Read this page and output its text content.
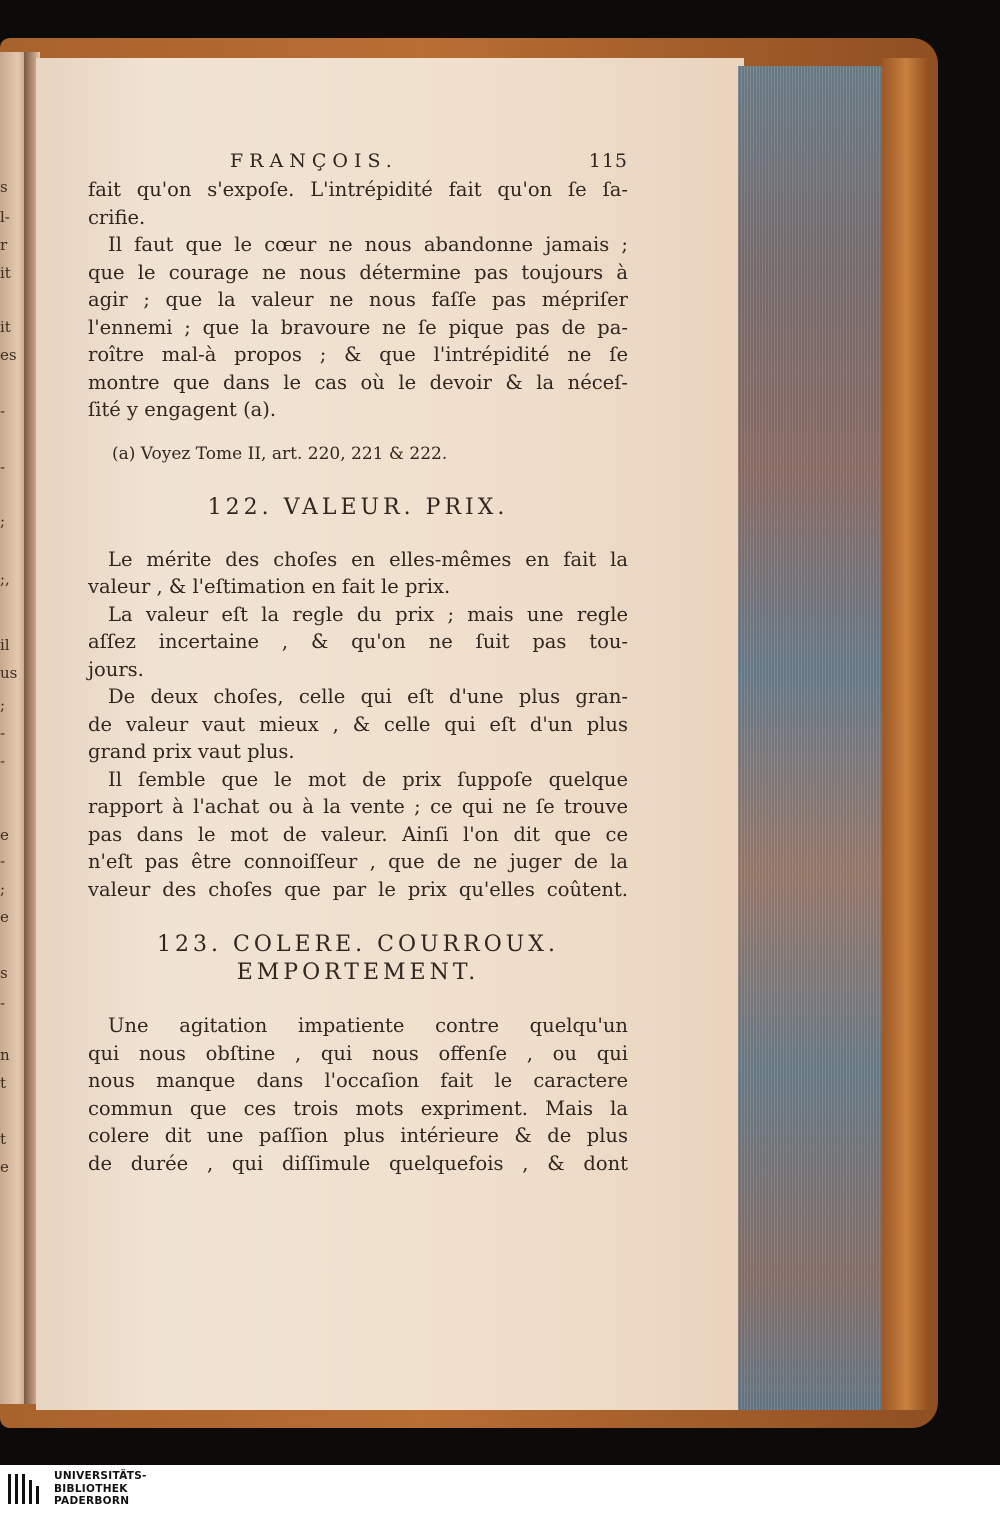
s
l-
r
it
it
es
-
-
;
;,
il
us
;
-
-
e
-
;
e
s
-
n
t
t
e
FRANÇOIS.	115
fait qu'on s'expoſe. L'intrépidité fait qu'on ſe ſa-
crifie.
Il faut que le cœur ne nous abandonne jamais ;
que le courage ne nous détermine pas toujours à
agir ; que la valeur ne nous faſſe pas mépriſer
l'ennemi ; que la bravoure ne ſe pique pas de pa-
roître mal-à propos ; & que l'intrépidité ne ſe
montre que dans le cas où le devoir & la néceſ-
ſité y engagent (a).
(a) Voyez Tome II, art. 220, 221 & 222.
122. VALEUR. PRIX.
Le mérite des choſes en elles-mêmes en fait la
valeur , & l'eſtimation en fait le prix.
La valeur eſt la regle du prix ; mais une regle
aſſez incertaine , & qu'on ne ſuit pas tou-
jours.
De deux choſes, celle qui eſt d'une plus gran-
de valeur vaut mieux , & celle qui eſt d'un plus
grand prix vaut plus.
Il ſemble que le mot de prix ſuppoſe quelque
rapport à l'achat ou à la vente ; ce qui ne ſe trouve
pas dans le mot de valeur. Ainſi l'on dit que ce
n'eſt pas être connoiſſeur , que de ne juger de la
valeur des choſes que par le prix qu'elles coûtent.
123. COLERE. COURROUX.
EMPORTEMENT.
Une agitation impatiente contre quelqu'un
qui nous obſtine , qui nous offenſe , ou qui
nous manque dans l'occaſion fait le caractere
commun que ces trois mots expriment. Mais la
colere dit une paſſion plus intérieure & de plus
de durée , qui diſſimule quelquefois , & dont
UNIVERSITÄTS-
BIBLIOTHEK
PADERBORN
